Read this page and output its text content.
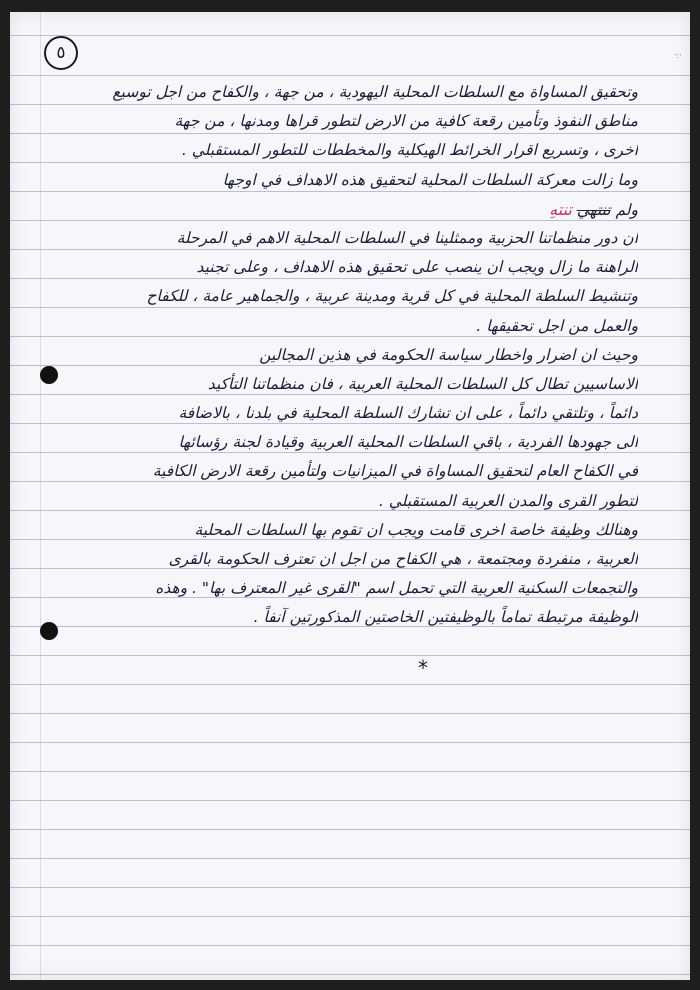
٥	·:·
وتحقيق المساواة مع السلطات المحلية اليهودية ، من جهة ، والكفاح من اجل توسيع
مناطق النفوذ وتأمين رقعة كافية من الارض لتطور قراها ومدنها ، من جهة
اخرى ، وتسريع اقرار الخرائط الهيكلية والمخططات للتطور المستقبلي .
وما زالت معركة السلطات المحلية لتحقيق هذه الاهداف في اوجها
ولم تنتهي تنتهِ
ان دور منظماتنا الحزبية وممثلينا في السلطات المحلية الاهم في المرحلة
الراهنة ما زال ويجب ان ينصب على تحقيق هذه الاهداف ، وعلى تجنيد
وتنشيط السلطة المحلية في كل قرية ومدينة عربية ، والجماهير عامة ، للكفاح
والعمل من اجل تحقيقها .
وحيث ان اضرار واخطار سياسة الحكومة في هذين المجالين
الاساسيين تطال كل السلطات المحلية العربية ، فان منظماتنا التأكيد
دائماً ، وتلتقي دائماً ، على ان تشارك السلطة المحلية في بلدنا ، بالاضافة
الى جهودها الفردية ، باقي السلطات المحلية العربية وقيادة لجنة رؤسائها
في الكفاح العام لتحقيق المساواة في الميزانيات ولتأمين رقعة الارض الكافية
لتطور القرى والمدن العربية المستقبلي .
وهنالك وظيفة خاصة اخرى قامت ويجب ان تقوم بها السلطات المحلية
العربية ، منفردة ومجتمعة ، هي الكفاح من اجل ان تعترف الحكومة بالقرى
والتجمعات السكنية العربية التي تحمل اسم "القرى غير المعترف بها" . وهذه
الوظيفة مرتبطة تماماً بالوظيفتين الخاصتين المذكورتين آنفاً .
*
